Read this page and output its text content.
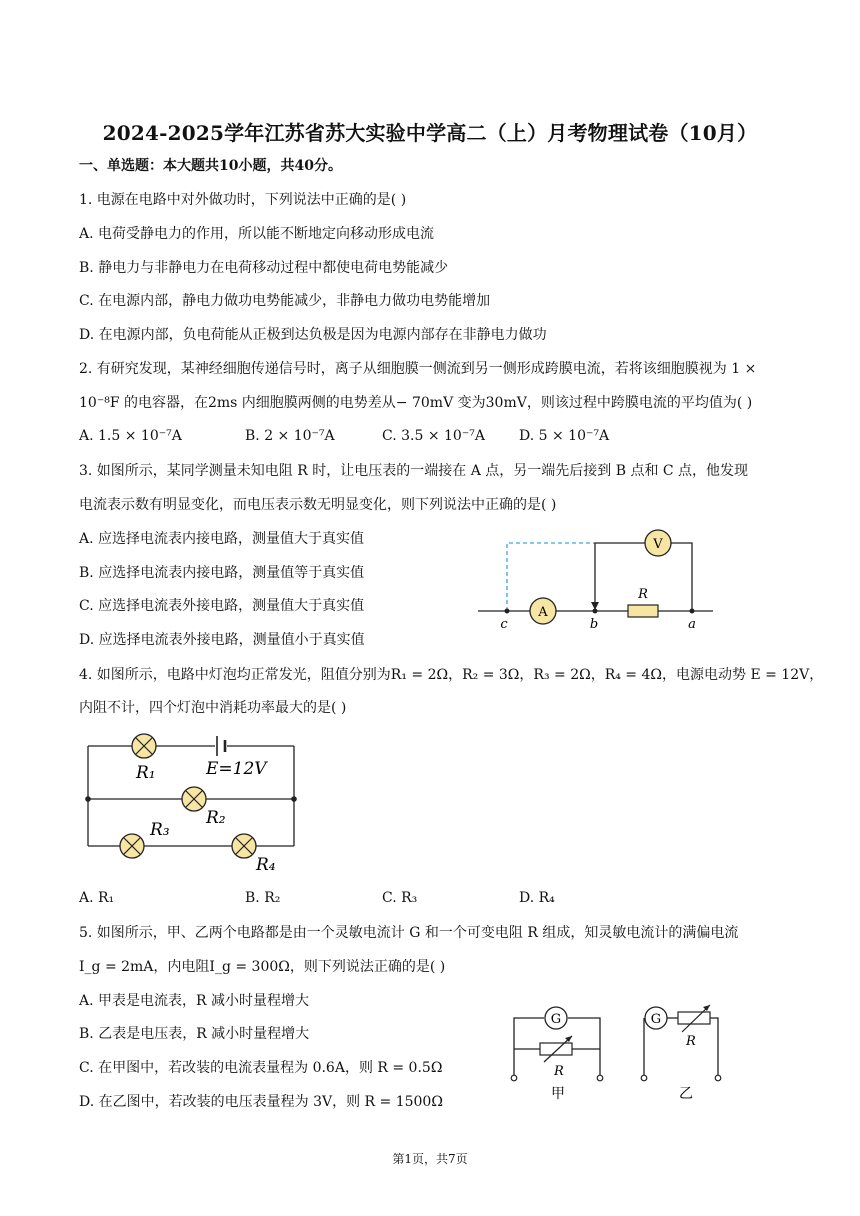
2024-2025学年江苏省苏大实验中学高二（上）月考物理试卷（10月）
一、单选题：本大题共10小题，共40分。
1. 电源在电路中对外做功时，下列说法中正确的是( )
A. 电荷受静电力的作用，所以能不断地定向移动形成电流
B. 静电力与非静电力在电荷移动过程中都使电荷电势能减少
C. 在电源内部，静电力做功电势能减少，非静电力做功电势能增加
D. 在电源内部，负电荷能从正极到达负极是因为电源内部存在非静电力做功
2. 有研究发现，某神经细胞传递信号时，离子从细胞膜一侧流到另一侧形成跨膜电流，若将该细胞膜视为 1 ×
10⁻⁸F 的电容器，在2ms 内细胞膜两侧的电势差从− 70mV 变为30mV，则该过程中跨膜电流的平均值为( )
A. 1.5 × 10⁻⁷A	B. 2 × 10⁻⁷A	C. 3.5 × 10⁻⁷A D. 5 × 10⁻⁷A
3. 如图所示，某同学测量未知电阻 R 时，让电压表的一端接在 A 点，另一端先后接到 B 点和 C 点，他发现
电流表示数有明显变化，而电压表示数无明显变化，则下列说法中正确的是( )
A. 应选择电流表内接电路，测量值大于真实值
B. 应选择电流表内接电路，测量值等于真实值
C. 应选择电流表外接电路，测量值大于真实值
D. 应选择电流表外接电路，测量值小于真实值
V
A
R
c	b	a
4. 如图所示，电路中灯泡均正常发光，阻值分别为R₁ = 2Ω，R₂ = 3Ω，R₃ = 2Ω，R₄ = 4Ω，电源电动势 E = 12V，
内阻不计，四个灯泡中消耗功率最大的是( )
R₁	E=12V
R₂
R₃
R₄
A. R₁	B. R₂	C. R₃	D. R₄
5. 如图所示，甲、乙两个电路都是由一个灵敏电流计 G 和一个可变电阻 R 组成，知灵敏电流计的满偏电流
I_g = 2mA，内电阻I_g = 300Ω，则下列说法正确的是( )
A. 甲表是电流表，R 减小时量程增大
B. 乙表是电压表，R 减小时量程增大
C. 在甲图中，若改装的电流表量程为 0.6A，则 R = 0.5Ω
D. 在乙图中，若改装的电压表量程为 3V，则 R = 1500Ω
G
R
甲
G
R
乙
第1页，共7页
